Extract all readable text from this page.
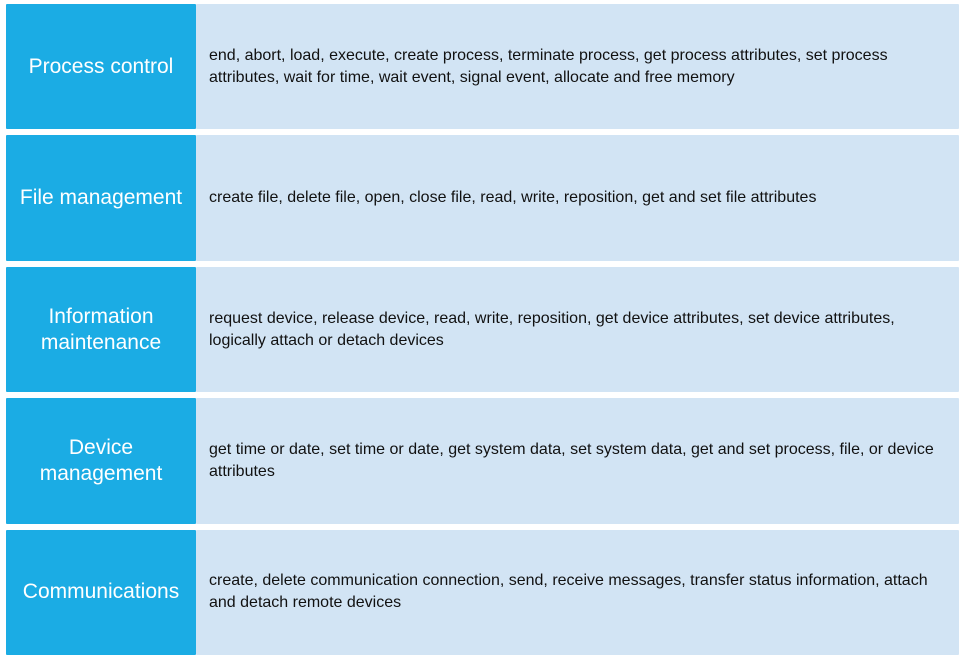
Process control end, abort, load, execute, create process, terminate process, get process attributes, set process attributes, wait for time, wait event, signal event, allocate and free memory
File management create file, delete file, open, close file, read, write, reposition, get and set file attributes
Information maintenance
request device, release device, read, write, reposition, get device attributes, set device attributes, logically attach or detach devices
Device management
get time or date, set time or date, get system data, set system data, get and set process, file, or device attributes
Communications create, delete communication connection, send, receive messages, transfer status information, attach and detach remote devices
